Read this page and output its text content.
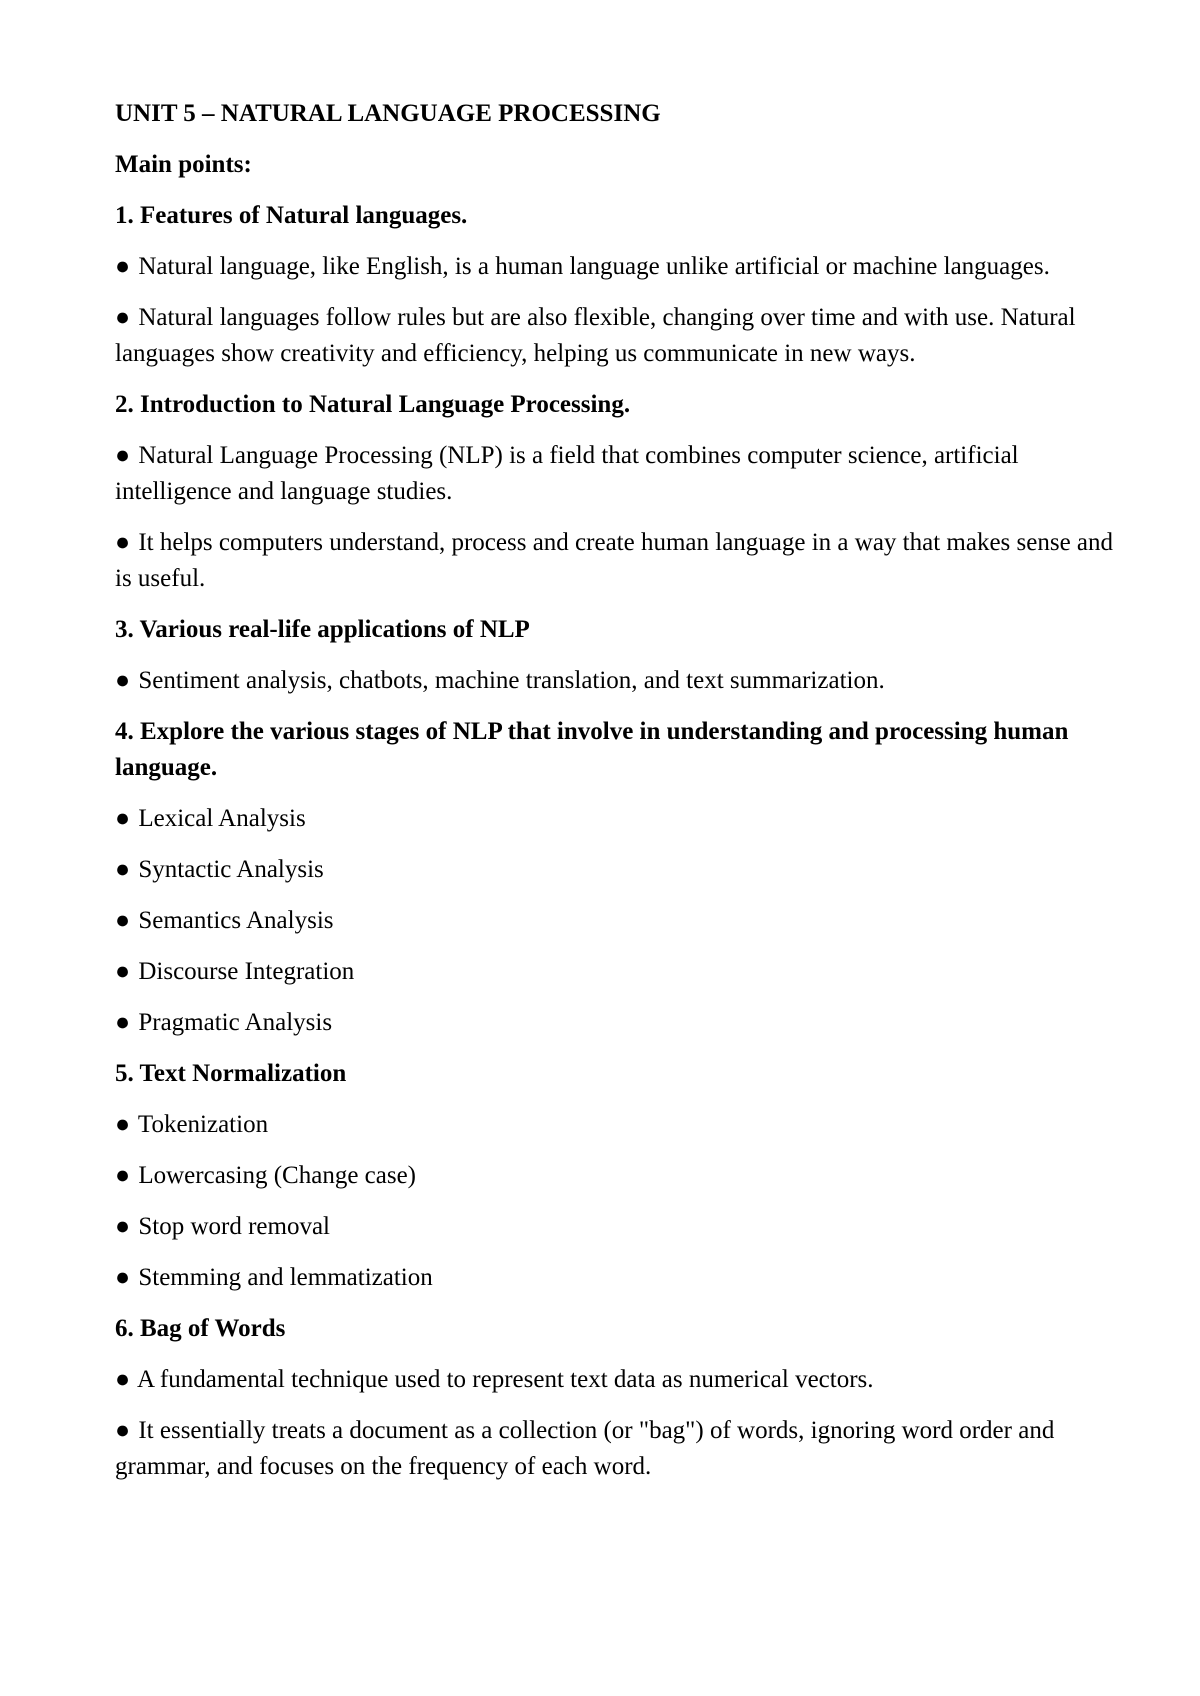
UNIT 5 – NATURAL LANGUAGE PROCESSING
Main points:
1. Features of Natural languages.
● Natural language, like English, is a human language unlike artificial or machine languages.
● Natural languages follow rules but are also flexible, changing over time and with use. Natural languages show creativity and efficiency, helping us communicate in new ways.
2. Introduction to Natural Language Processing.
● Natural Language Processing (NLP) is a field that combines computer science, artificial intelligence and language studies.
● It helps computers understand, process and create human language in a way that makes sense and is useful.
3. Various real-life applications of NLP
● Sentiment analysis, chatbots, machine translation, and text summarization.
4. Explore the various stages of NLP that involve in understanding and processing human language.
● Lexical Analysis
● Syntactic Analysis
● Semantics Analysis
● Discourse Integration
● Pragmatic Analysis
5. Text Normalization
● Tokenization
● Lowercasing (Change case)
● Stop word removal
● Stemming and lemmatization
6. Bag of Words
● A fundamental technique used to represent text data as numerical vectors.
● It essentially treats a document as a collection (or "bag") of words, ignoring word order and grammar, and focuses on the frequency of each word.
